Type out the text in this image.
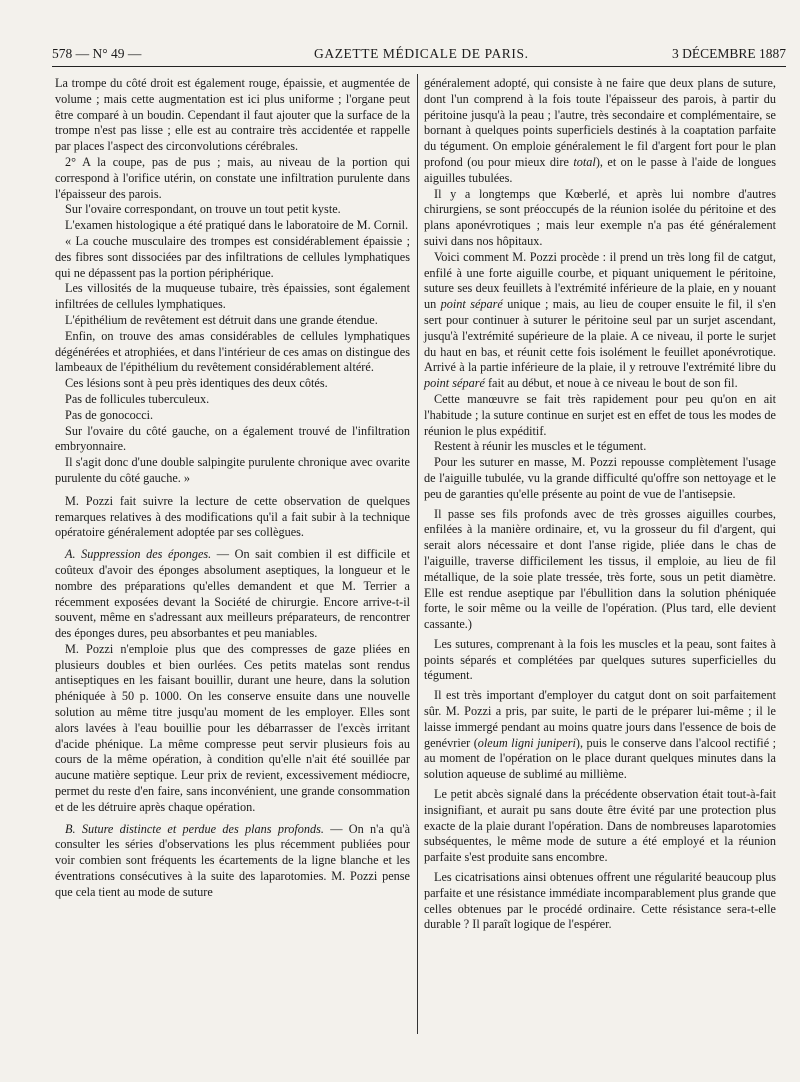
578 — N° 49 —	GAZETTE MÉDICALE DE PARIS.	3 DÉCEMBRE 1887

La trompe du côté droit est également rouge, épaissie, et augmentée de volume ; mais cette augmentation est ici plus uniforme ; l'organe peut être comparé à un boudin. Cependant il faut ajouter que la surface de la trompe n'est pas lisse ; elle est au contraire très accidentée et rappelle par places l'aspect des circonvolutions cérébrales.

2° A la coupe, pas de pus ; mais, au niveau de la portion qui correspond à l'orifice utérin, on constate une infiltration purulente dans l'épaisseur des parois.

Sur l'ovaire correspondant, on trouve un tout petit kyste.

L'examen histologique a été pratiqué dans le laboratoire de M. Cornil.

« La couche musculaire des trompes est considérablement épaissie ; des fibres sont dissociées par des infiltrations de cellules lymphatiques qui ne dépassent pas la portion périphérique.

Les villosités de la muqueuse tubaire, très épaissies, sont également infiltrées de cellules lymphatiques.

L'épithélium de revêtement est détruit dans une grande étendue.

Enfin, on trouve des amas considérables de cellules lymphatiques dégénérées et atrophiées, et dans l'intérieur de ces amas on distingue des lambeaux de l'épithélium du revêtement considérablement altéré.

Ces lésions sont à peu près identiques des deux côtés.

Pas de follicules tuberculeux.

Pas de gonococci.

Sur l'ovaire du côté gauche, on a également trouvé de l'infiltration embryonnaire.

Il s'agit donc d'une double salpingite purulente chronique avec ovarite purulente du côté gauche. »

M. Pozzi fait suivre la lecture de cette observation de quelques remarques relatives à des modifications qu'il a fait subir à la technique opératoire généralement adoptée par ses collègues.

A. Suppression des éponges. — On sait combien il est difficile et coûteux d'avoir des éponges absolument aseptiques, la longueur et le nombre des préparations qu'elles demandent et que M. Terrier a récemment exposées devant la Société de chirurgie. Encore arrive-t-il souvent, même en s'adressant aux meilleurs préparateurs, de rencontrer des éponges dures, peu absorbantes et peu maniables.

M. Pozzi n'emploie plus que des compresses de gaze pliées en plusieurs doubles et bien ourlées. Ces petits matelas sont rendus antiseptiques en les faisant bouillir, durant une heure, dans la solution phéniquée à 50 p. 1000. On les conserve ensuite dans une nouvelle solution au même titre jusqu'au moment de les employer. Elles sont alors lavées à l'eau bouillie pour les débarrasser de l'excès irritant d'acide phénique. La même compresse peut servir plusieurs fois au cours de la même opération, à condition qu'elle n'ait été souillée par aucune matière septique. Leur prix de revient, excessivement médiocre, permet du reste d'en faire, sans inconvénient, une grande consommation et de les détruire après chaque opération.

B. Suture distincte et perdue des plans profonds. — On n'a qu'à consulter les séries d'observations les plus récemment publiées pour voir combien sont fréquents les écartements de la ligne blanche et les éventrations consécutives à la suite des laparotomies. M. Pozzi pense que cela tient au mode de suture

généralement adopté, qui consiste à ne faire que deux plans de suture, dont l'un comprend à la fois toute l'épaisseur des parois, à partir du péritoine jusqu'à la peau ; l'autre, très secondaire et complémentaire, se bornant à quelques points superficiels destinés à la coaptation parfaite du tégument. On emploie généralement le fil d'argent fort pour le plan profond (ou pour mieux dire total), et on le passe à l'aide de longues aiguilles tubulées.

Il y a longtemps que Kœberlé, et après lui nombre d'autres chirurgiens, se sont préoccupés de la réunion isolée du péritoine et des plans aponévrotiques ; mais leur exemple n'a pas été généralement suivi dans nos hôpitaux.

Voici comment M. Pozzi procède : il prend un très long fil de catgut, enfilé à une forte aiguille courbe, et piquant uniquement le péritoine, suture ses deux feuillets à l'extrémité inférieure de la plaie, en y nouant un point séparé unique ; mais, au lieu de couper ensuite le fil, il s'en sert pour continuer à suturer le péritoine seul par un surjet ascendant, jusqu'à l'extrémité supérieure de la plaie. A ce niveau, il porte le surjet du haut en bas, et réunit cette fois isolément le feuillet aponévrotique. Arrivé à la partie inférieure de la plaie, il y retrouve l'extrémité libre du point séparé fait au début, et noue à ce niveau le bout de son fil.

Cette manœuvre se fait très rapidement pour peu qu'on en ait l'habitude ; la suture continue en surjet est en effet de tous les modes de réunion le plus expéditif.

Restent à réunir les muscles et le tégument.

Pour les suturer en masse, M. Pozzi repousse complètement l'usage de l'aiguille tubulée, vu la grande difficulté qu'offre son nettoyage et le peu de garanties qu'elle présente au point de vue de l'antisepsie.

Il passe ses fils profonds avec de très grosses aiguilles courbes, enfilées à la manière ordinaire, et, vu la grosseur du fil d'argent, qui serait alors nécessaire et dont l'anse rigide, pliée dans le chas de l'aiguille, traverse difficilement les tissus, il emploie, au lieu de fil métallique, de la soie plate tressée, très forte, sous un petit diamètre. Elle est rendue aseptique par l'ébullition dans la solution phéniquée forte, le soir même ou la veille de l'opération. (Plus tard, elle devient cassante.)

Les sutures, comprenant à la fois les muscles et la peau, sont faites à points séparés et complétées par quelques sutures superficielles du tégument.

Il est très important d'employer du catgut dont on soit parfaitement sûr. M. Pozzi a pris, par suite, le parti de le préparer lui-même ; il le laisse immergé pendant au moins quatre jours dans l'essence de bois de genévrier (oleum ligni juniperi), puis le conserve dans l'alcool rectifié ; au moment de l'opération on le place durant quelques minutes dans la solution aqueuse de sublimé au millième.

Le petit abcès signalé dans la précédente observation était tout-à-fait insignifiant, et aurait pu sans doute être évité par une protection plus exacte de la plaie durant l'opération. Dans de nombreuses laparotomies subséquentes, le même mode de suture a été employé et la réunion parfaite s'est produite sans encombre.

Les cicatrisations ainsi obtenues offrent une régularité beaucoup plus parfaite et une résistance immédiate incomparablement plus grande que celles obtenues par le procédé ordinaire. Cette résistance sera-t-elle durable ? Il paraît logique de l'espérer.
